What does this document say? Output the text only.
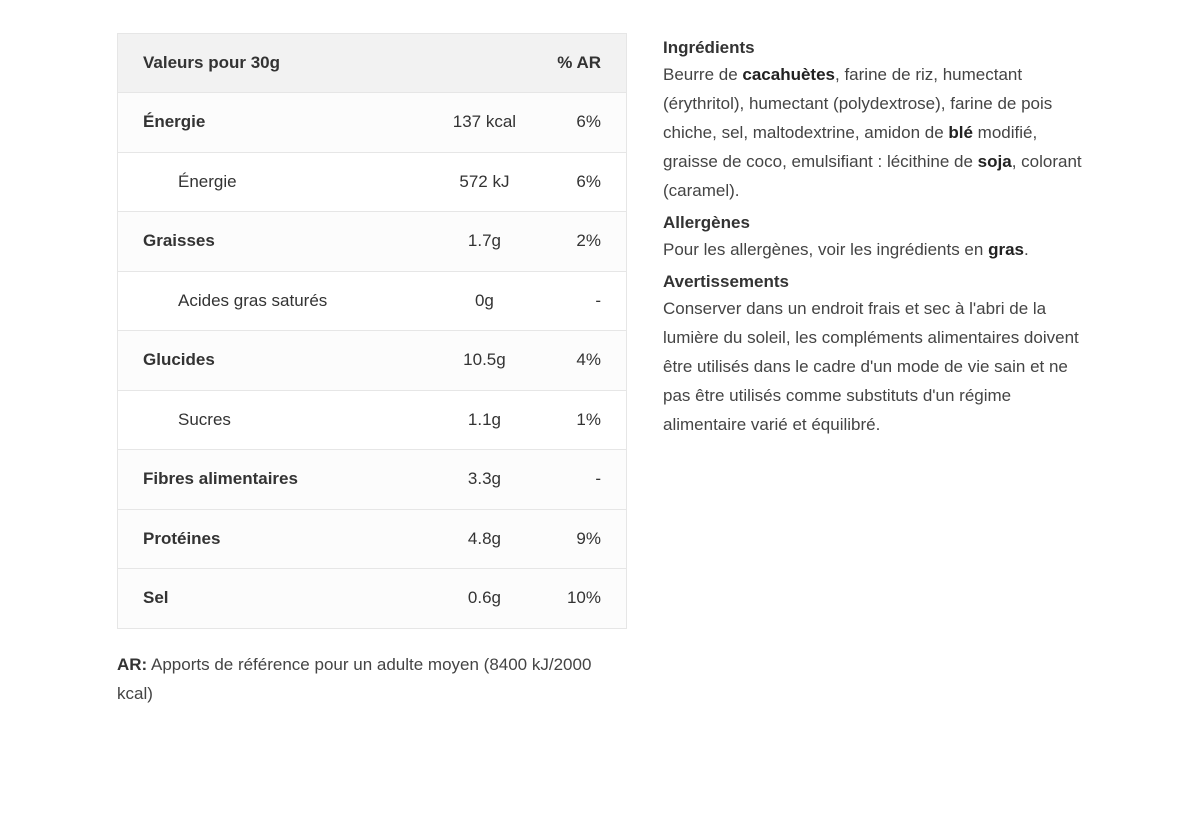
Valeurs pour 30g		% AR
Énergie	137 kcal	6%
Énergie	572 kJ	6%
Graisses	1.7g	2%
Acides gras saturés	0g	-
Glucides	10.5g	4%
Sucres	1.1g	1%
Fibres alimentaires	3.3g	-
Protéines	4.8g	9%
Sel	0.6g	10%
AR: Apports de référence pour un adulte moyen (8400 kJ/2000 kcal)
Ingrédients

Beurre de cacahuètes, farine de riz, humectant (érythritol), humectant (polydextrose), farine de pois chiche, sel, maltodextrine, amidon de blé modifié, graisse de coco, emulsifiant : lécithine de soja, colorant (caramel).

Allergènes

Pour les allergènes, voir les ingrédients en gras.

Avertissements

Conserver dans un endroit frais et sec à l'abri de la lumière du soleil, les compléments alimentaires doivent être utilisés dans le cadre d'un mode de vie sain et ne pas être utilisés comme substituts d'un régime alimentaire varié et équilibré.
